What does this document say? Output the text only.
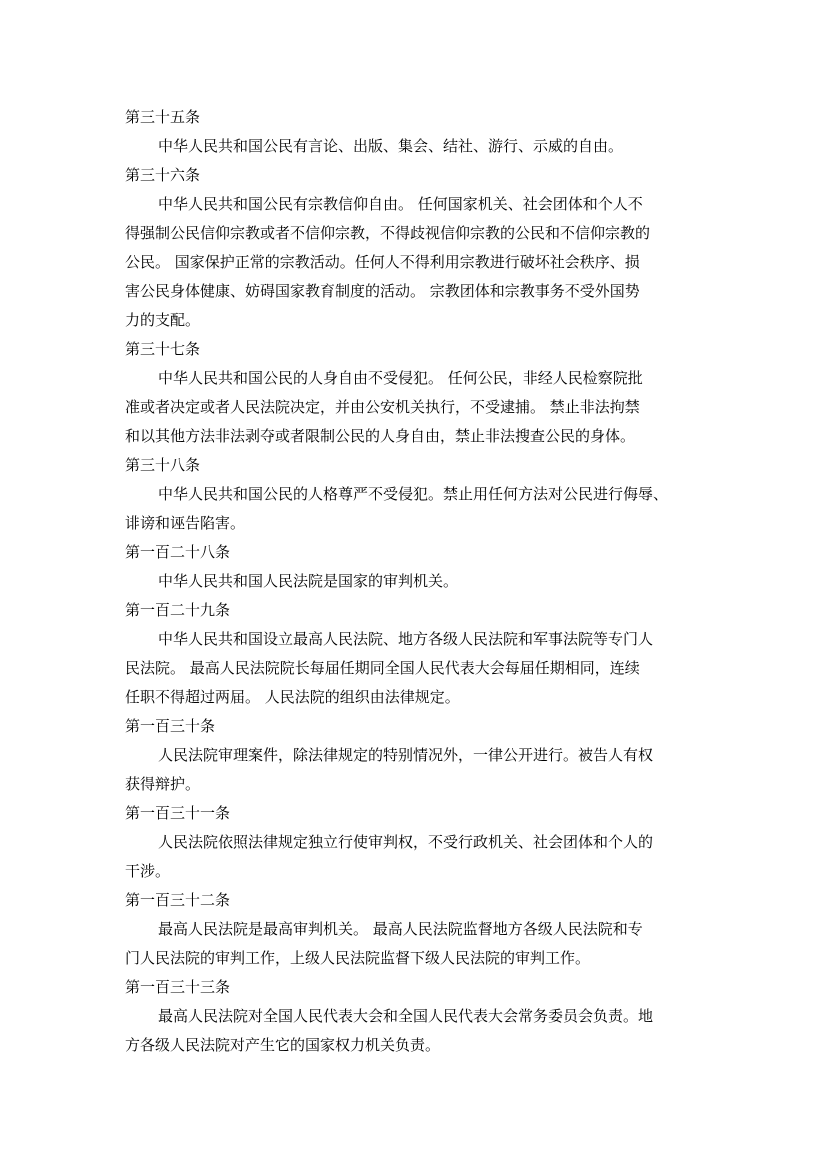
第三十五条

中华人民共和国公民有言论、出版、集会、结社、游行、示威的自由。

第三十六条

中华人民共和国公民有宗教信仰自由。 任何国家机关、社会团体和个人不

得强制公民信仰宗教或者不信仰宗教，不得歧视信仰宗教的公民和不信仰宗教的

公民。 国家保护正常的宗教活动。任何人不得利用宗教进行破坏社会秩序、损

害公民身体健康、妨碍国家教育制度的活动。 宗教团体和宗教事务不受外国势

力的支配。

第三十七条

中华人民共和国公民的人身自由不受侵犯。 任何公民，非经人民检察院批

准或者决定或者人民法院决定，并由公安机关执行，不受逮捕。 禁止非法拘禁

和以其他方法非法剥夺或者限制公民的人身自由，禁止非法搜查公民的身体。

第三十八条

中华人民共和国公民的人格尊严不受侵犯。禁止用任何方法对公民进行侮辱、

诽谤和诬告陷害。

第一百二十八条

中华人民共和国人民法院是国家的审判机关。

第一百二十九条

中华人民共和国设立最高人民法院、地方各级人民法院和军事法院等专门人

民法院。 最高人民法院院长每届任期同全国人民代表大会每届任期相同，连续

任职不得超过两届。 人民法院的组织由法律规定。

第一百三十条

人民法院审理案件，除法律规定的特别情况外，一律公开进行。被告人有权

获得辩护。

第一百三十一条

人民法院依照法律规定独立行使审判权，不受行政机关、社会团体和个人的

干涉。

第一百三十二条

最高人民法院是最高审判机关。 最高人民法院监督地方各级人民法院和专

门人民法院的审判工作，上级人民法院监督下级人民法院的审判工作。

第一百三十三条

最高人民法院对全国人民代表大会和全国人民代表大会常务委员会负责。地

方各级人民法院对产生它的国家权力机关负责。
